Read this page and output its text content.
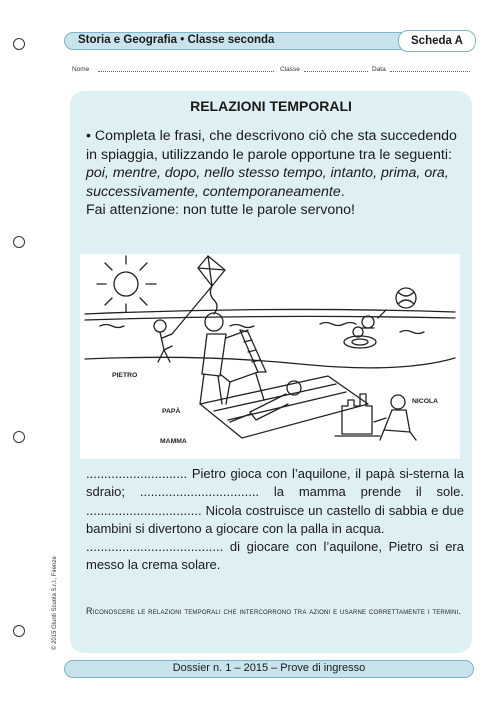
Storia e Geografia • Classe seconda	Scheda A
Nome	Classe	Data
RELAZIONI TEMPORALI
• Completa le frasi, che descrivono ciò che sta succedendo in spiaggia, utilizzando le parole opportune tra le seguenti: poi, mentre, dopo, nello stesso tempo, intanto, prima, ora, successivamente, contemporaneamente.
Fai attenzione: non tutte le parole servono!
PIETRO
PAPÀ
MAMMA
NICOLA
............................ Pietro gioca con l’aquilone, il papà si-sterna la sdraio; ................................. la mamma prende il sole. ................................ Nicola costruisce un castello di sabbia e due bambini si divertono a giocare con la palla in acqua.
...................................... di giocare con l’aquilone, Pietro si era messo la crema solare.
Riconoscere le relazioni temporali che intercorrono tra azioni e usarne correttamente i termini.
Dossier n. 1 – 2015 – Prove di ingresso
© 2015 Giunti Scuola S.r.l., Firenze
